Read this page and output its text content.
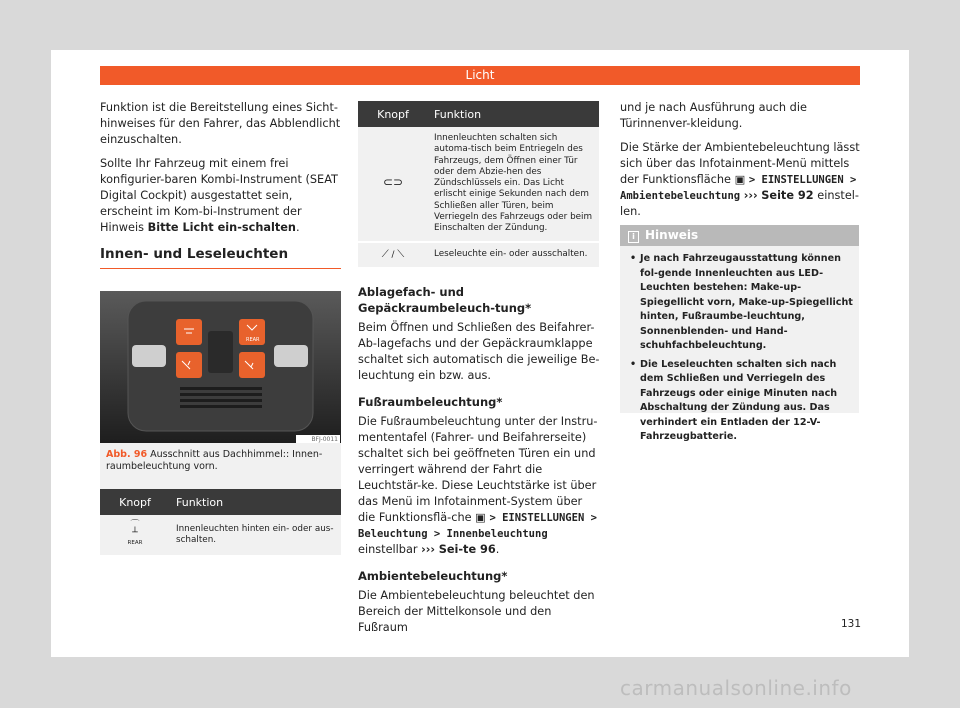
Licht

Funktion ist die Bereitstellung eines Sicht-hinweises für den Fahrer, das Abblendlicht einzuschalten.

Sollte Ihr Fahrzeug mit einem frei konfigurier-baren Kombi-Instrument (SEAT Digital Cockpit) ausgestattet sein, erscheint im Kom-bi-Instrument der Hinweis Bitte Licht ein-schalten.

Innen- und Leseleuchten
REAR
BFJ-0011
Abb. 96 Ausschnitt aus Dachhimmel:: Innen-raumbeleuchtung vorn.
Knopf	Funktion

⌒
┴
REAR	Innenleuchten hinten ein- oder aus-schalten.
Knopf	Funktion
⊂⊃	Innenleuchten schalten sich automa-tisch beim Entriegeln des Fahrzeugs, dem Öffnen einer Tür oder dem Abzie-hen des Zündschlüssels ein. Das Licht erlischt einige Sekunden nach dem Schließen aller Türen, beim Verriegeln des Fahrzeugs oder beim Einschalten der Zündung.
⟋ / ⟍	Leseleuchte ein- oder ausschalten.
Ablagefach- und Gepäckraumbeleuch-tung*

Beim Öffnen und Schließen des Beifahrer-Ab-lagefachs und der Gepäckraumklappe schaltet sich automatisch die jeweilige Be-leuchtung ein bzw. aus.

Fußraumbeleuchtung*

Die Fußraumbeleuchtung unter der Instru-mententafel (Fahrer- und Beifahrerseite) schaltet sich bei geöffneten Türen ein und verringert während der Fahrt die Leuchtstär-ke. Diese Leuchtstärke ist über das Menü im Infotainment-System über die Funktionsflä-che ▣ > EINSTELLUNGEN > Beleuchtung > Innenbeleuchtung einstellbar ››› Sei-te 96.

Ambientebeleuchtung*

Die Ambientebeleuchtung beleuchtet den Bereich der Mittelkonsole und den Fußraum

und je nach Ausführung auch die Türinnenver-kleidung.

Die Stärke der Ambientebeleuchtung lässt sich über das Infotainment-Menü mittels der Funktionsfläche ▣ > EINSTELLUNGEN > Ambientebeleuchtung ››› Seite 92 einstel-len.

i Hinweis
• Je nach Fahrzeugausstattung können fol-gende Innenleuchten aus LED-Leuchten bestehen: Make-up-Spiegellicht vorn, Make-up-Spiegellicht hinten, Fußraumbe-leuchtung, Sonnenblenden- und Hand-schuhfachbeleuchtung.
• Die Leseleuchten schalten sich nach dem Schließen und Verriegeln des Fahrzeugs oder einige Minuten nach Abschaltung der Zündung aus. Das verhindert ein Entladen der 12-V-Fahrzeugbatterie.
131
carmanualsonline.info
